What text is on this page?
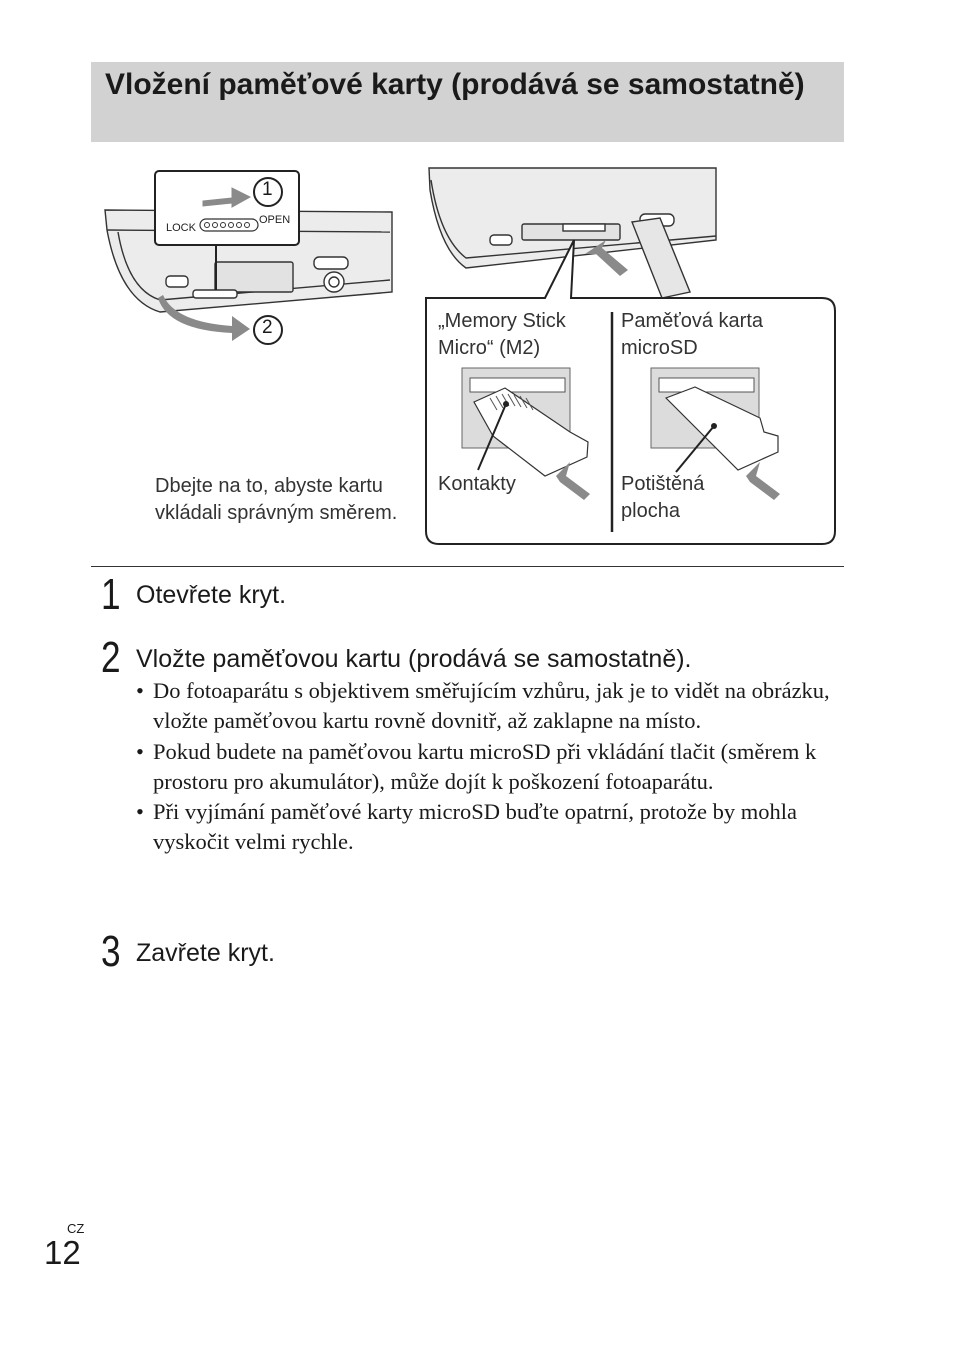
Vložení paměťové karty (prodává se samostatně)
LOCK
OPEN
1
2
Dbejte na to, abyste kartu vkládali správným směrem.
„Memory Stick Micro“ (M2)
Kontakty
Paměťová karta microSD
Potištěná plocha
1 Otevřete kryt.
2 Vložte paměťovou kartu (prodává se samostatně).
• Do fotoaparátu s objektivem směřujícím vzhůru, jak je to vidět na obrázku, vložte paměťovou kartu rovně dovnitř, až zaklapne na místo.
• Pokud budete na paměťovou kartu microSD při vkládání tlačit (směrem k prostoru pro akumulátor), může dojít k poškození fotoaparátu.
• Při vyjímání paměťové karty microSD buďte opatrní, protože by mohla vyskočit velmi rychle.
3 Zavřete kryt.
CZ
12
